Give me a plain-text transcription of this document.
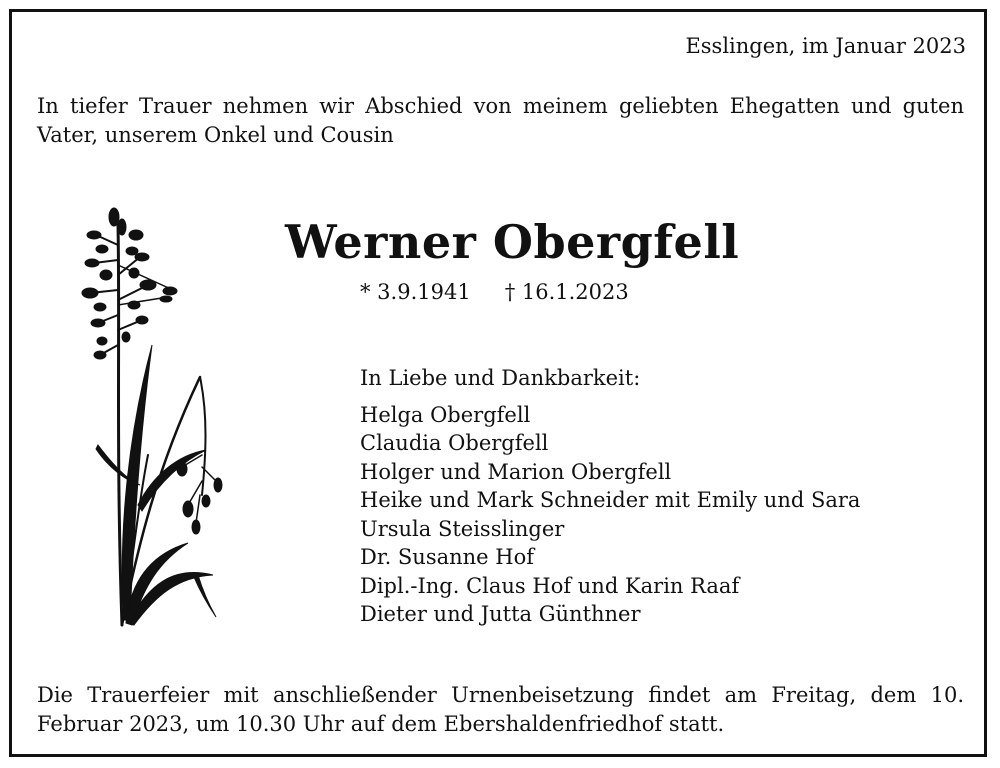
Esslingen, im Januar 2023
In tiefer Trauer nehmen wir Abschied von meinem geliebten Ehegatten und guten Vater, unserem Onkel und Cousin
Werner Obergfell
* 3.9.1941 † 16.1.2023
In Liebe und Dankbarkeit:
Helga Obergfell
Claudia Obergfell
Holger und Marion Obergfell
Heike und Mark Schneider mit Emily und Sara
Ursula Steisslinger
Dr. Susanne Hof
Dipl.-Ing. Claus Hof und Karin Raaf
Dieter und Jutta Günthner
Die Trauerfeier mit anschließender Urnenbeisetzung findet am Freitag, dem 10. Februar 2023, um 10.30 Uhr auf dem Ebershaldenfriedhof statt.
